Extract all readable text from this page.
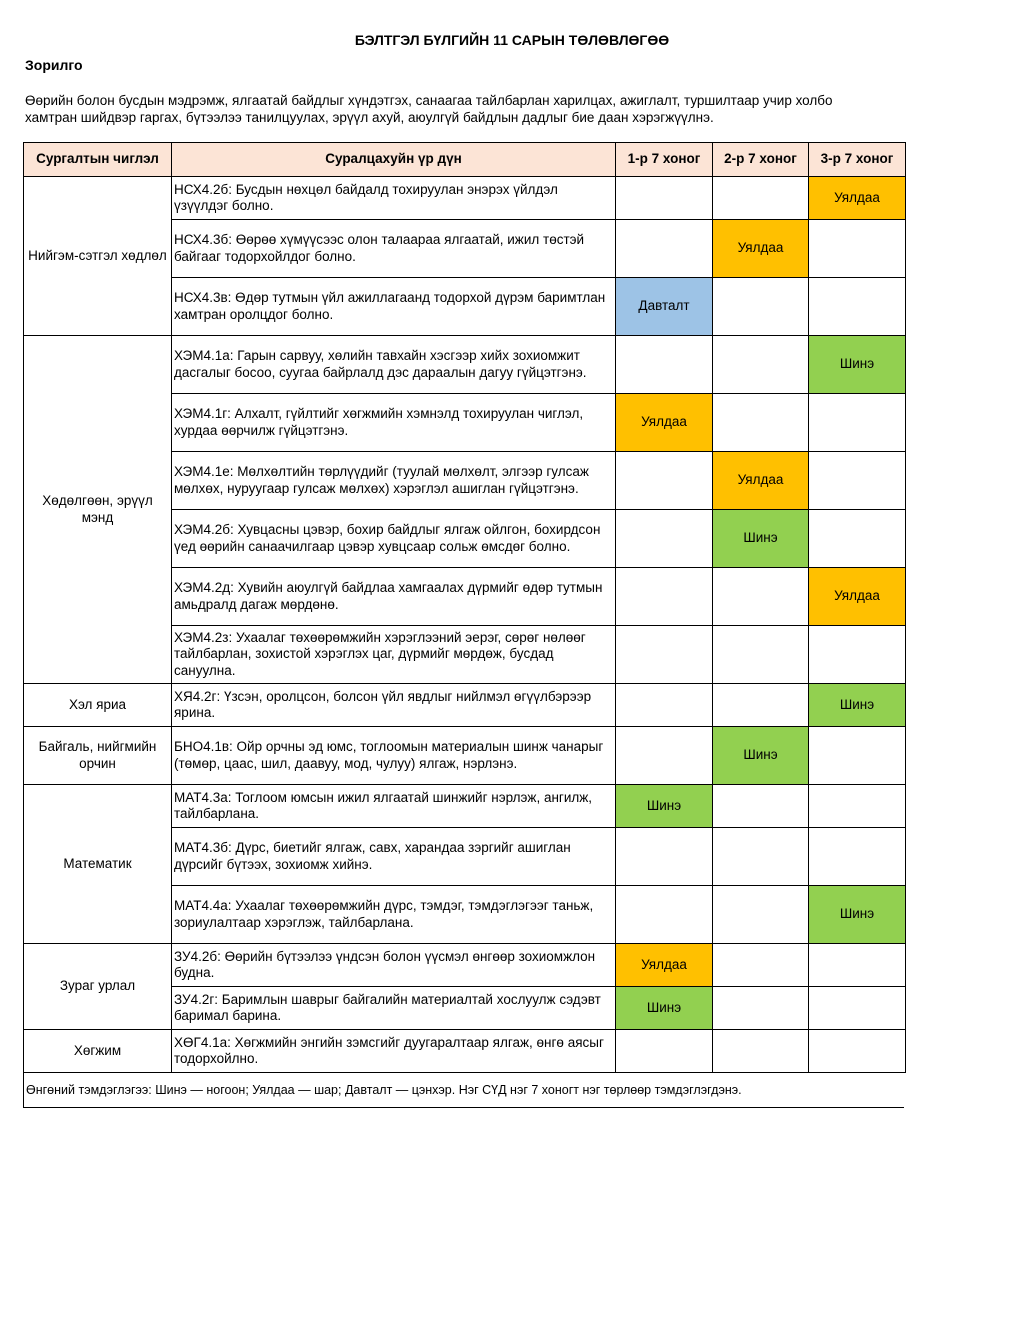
БЭЛТГЭЛ БҮЛГИЙН 11 САРЫН ТӨЛӨВЛӨГӨӨ
Зорилго
Өөрийн болон бусдын мэдрэмж, ялгаатай байдлыг хүндэтгэх, санаагаа тайлбарлан харилцах, ажиглалт, туршилтаар учир холбо
хамтран шийдвэр гаргах, бүтээлээ танилцуулах, эрүүл ахуй, аюулгүй байдлын дадлыг бие даан хэрэгжүүлнэ.
Сургалтын чиглэл	Суралцахуйн үр дүн	1-р 7 хоног	2-р 7 хоног	3-р 7 хоног
Нийгэм-сэтгэл хөдлөл	НСХ4.2б: Бусдын нөхцөл байдалд тохируулан энэрэх үйлдэл үзүүлдэг болно.			Уялдаа
	НСХ4.3б: Өөрөө хүмүүсээс олон талаараа ялгаатай, ижил төстэй байгааг тодорхойлдог болно.		Уялдаа	
	НСХ4.3в: Өдөр тутмын үйл ажиллагаанд тодорхой дүрэм баримтлан хамтран оролцдог болно.	Давталт		
Хөдөлгөөн, эрүүл мэнд	ХЭМ4.1а: Гарын сарвуу, хөлийн тавхайн хэсгээр хийх зохиомжит дасгалыг босоо, суугаа байрлалд дэс дараалын дагуу гүйцэтгэнэ.			Шинэ
	ХЭМ4.1г: Алхалт, гүйлтийг хөгжмийн хэмнэлд тохируулан чиглэл, хурдаа өөрчилж гүйцэтгэнэ.	Уялдаа		
	ХЭМ4.1е: Мөлхөлтийн төрлүүдийг (туулай мөлхөлт, элгээр гулсаж мөлхөх, нуруугаар гулсаж мөлхөх) хэрэглэл ашиглан гүйцэтгэнэ.		Уялдаа	
	ХЭМ4.2б: Хувцасны цэвэр, бохир байдлыг ялгаж ойлгон, бохирдсон үед өөрийн санаачилгаар цэвэр хувцсаар сольж өмсдөг болно.		Шинэ	
	ХЭМ4.2д: Хувийн аюулгүй байдлаа хамгаалах дүрмийг өдөр тутмын амьдралд дагаж мөрдөнө.			Уялдаа
	ХЭМ4.2з: Ухаалаг төхөөрөмжийн хэрэглээний эерэг, сөрөг нөлөөг тайлбарлан, зохистой хэрэглэх цаг, дүрмийг мөрдөж, бусдад сануулна.			
Хэл яриа	ХЯ4.2г: Үзсэн, оролцсон, болсон үйл явдлыг нийлмэл өгүүлбэрээр ярина.			Шинэ
Байгаль, нийгмийн орчин	БНО4.1в: Ойр орчны эд юмс, тоглоомын материалын шинж чанарыг (төмөр, цаас, шил, даавуу, мод, чулуу) ялгаж, нэрлэнэ.		Шинэ	
Математик	МАТ4.3а: Тоглоом юмсын ижил ялгаатай шинжийг нэрлэж, ангилж, тайлбарлана.	Шинэ		
	МАТ4.3б: Дүрс, биетийг ялгаж, савх, харандаа зэргийг ашиглан дүрсийг бүтээх, зохиомж хийнэ.			
	МАТ4.4а: Ухаалаг төхөөрөмжийн дүрс, тэмдэг, тэмдэглэгээг таньж, зориулалтаар хэрэглэж, тайлбарлана.			Шинэ
Зураг урлал	ЗУ4.2б: Өөрийн бүтээлээ үндсэн болон үүсмэл өнгөөр зохиомжлон будна.	Уялдаа		
	ЗУ4.2г: Баримлын шаврыг байгалийн материалтай хослуулж сэдэвт баримал барина.	Шинэ		
Хөгжим	ХӨГ4.1а: Хөгжмийн энгийн зэмсгийг дуугаралтаар ялгаж, өнгө аясыг тодорхойлно.			
Өнгөний тэмдэглэгээ: Шинэ — ногоон; Уялдаа — шар; Давталт — цэнхэр. Нэг СҮД нэг 7 хоногт нэг төрлөөр тэмдэглэгдэнэ.
